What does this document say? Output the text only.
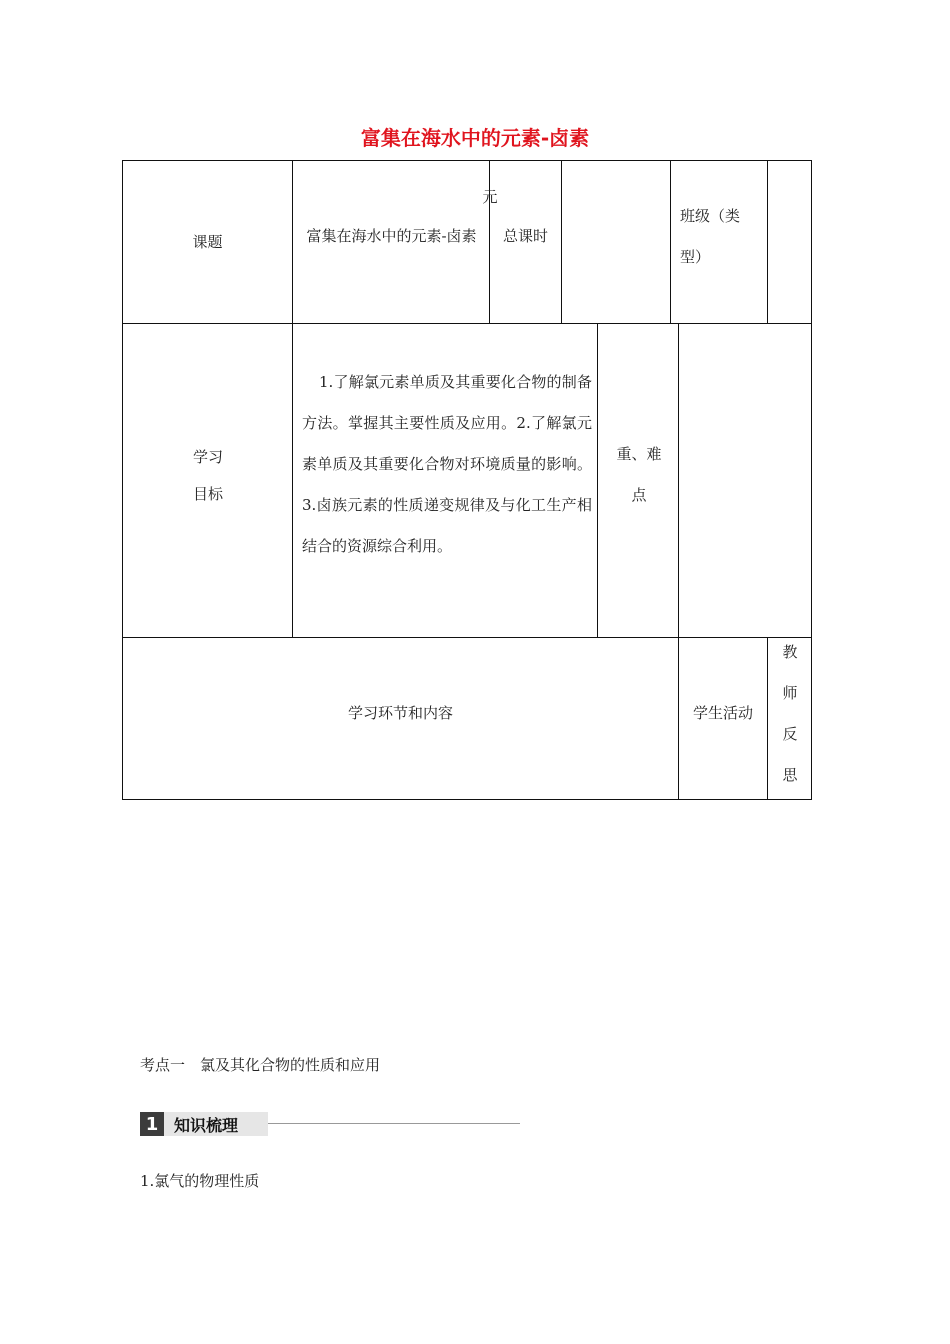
富集在海水中的元素-卤素
课题
元
富集在海水中的元素-卤素	总课时
班级（类型）
学习目标
1.了解氯元素单质及其重要化合物的制备方法。掌握其主要性质及应用。2.了解氯元素单质及其重要化合物对环境质量的影响。3.卤族元素的性质递变规律及与化工生产相结合的资源综合利用。
重、难点
学习环节和内容	学生活动
教
师
反
思
考点一　氯及其化合物的性质和应用
1 知识梳理
1.氯气的物理性质
